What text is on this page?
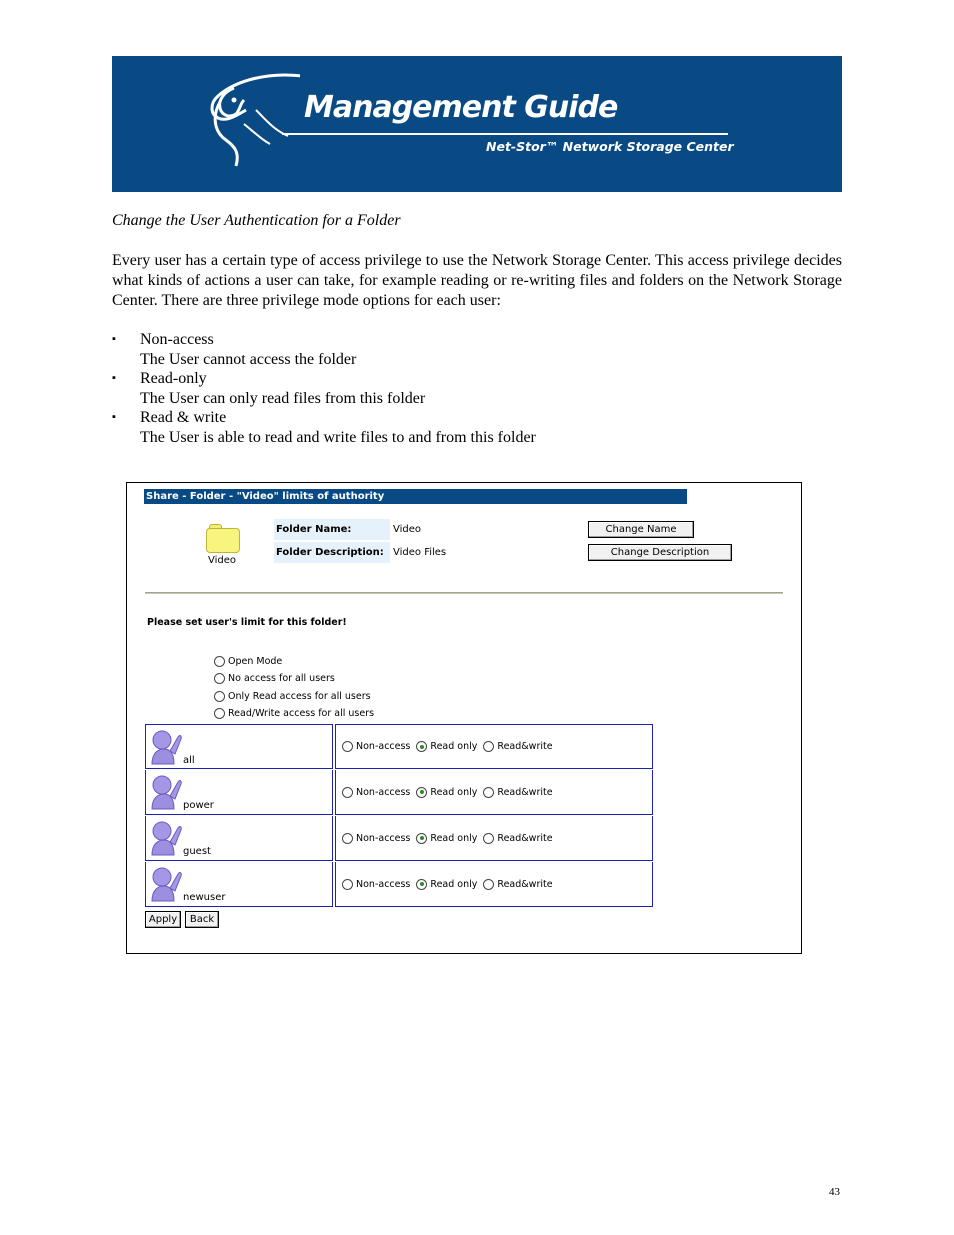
Management Guide
Net-Stor™ Network Storage Center
Change the User Authentication for a Folder

Every user has a certain type of access privilege to use the Network Storage Center. This access privilege decides what kinds of actions a user can take, for example reading or re-writing files and folders on the Network Storage Center. There are three privilege mode options for each user:

▪ Non-access
The User cannot access the folder
▪ Read-only
The User can only read files from this folder
▪ Read & write
The User is able to read and write files to and from this folder
Share - Folder - "Video" limits of authority
Video
Folder Name:	Video
Folder Description: Video Files
Change Name
Change Description
Please set user's limit for this folder!
Open Mode
No access for all users
Only Read access for all users
Read/Write access for all users
all
Non-access Read only Read&write
power
Non-access Read only Read&write
guest
Non-access Read only Read&write
newuser
Non-access Read only Read&write
Apply	Back
43
